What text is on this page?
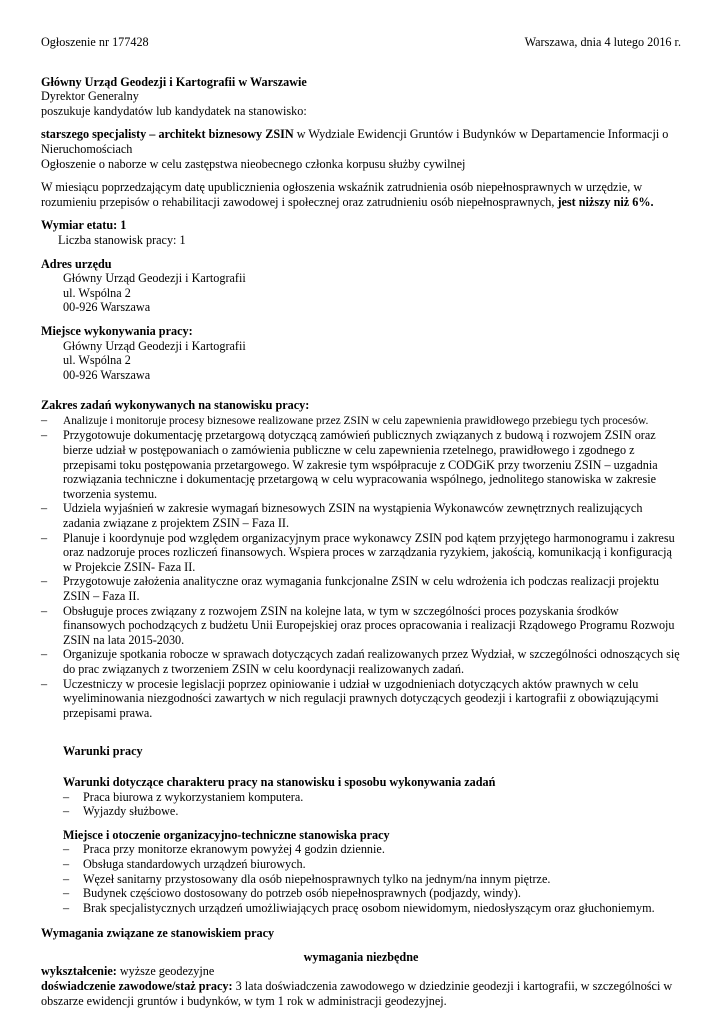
Ogłoszenie nr 177428	Warszawa, dnia 4 lutego 2016 r.

Główny Urząd Geodezji i Kartografii w Warszawie

Dyrektor Generalny

poszukuje kandydatów lub kandydatek na stanowisko:

starszego specjalisty – architekt biznesowy ZSIN w Wydziale Ewidencji Gruntów i Budynków w Departamencie Informacji o Nieruchomościach

Ogłoszenie o naborze w celu zastępstwa nieobecnego członka korpusu służby cywilnej

W miesiącu poprzedzającym datę upublicznienia ogłoszenia wskaźnik zatrudnienia osób niepełnosprawnych w urzędzie, w rozumieniu przepisów o rehabilitacji zawodowej i społecznej oraz zatrudnieniu osób niepełnosprawnych, jest niższy niż 6%.

Wymiar etatu: 1

Liczba stanowisk pracy: 1

Adres urzędu

Główny Urząd Geodezji i Kartografii

ul. Wspólna 2

00-926 Warszawa

Miejsce wykonywania pracy:

Główny Urząd Geodezji i Kartografii

ul. Wspólna 2

00-926 Warszawa

Zakres zadań wykonywanych na stanowisku pracy:

– Analizuje i monitoruje procesy biznesowe realizowane przez ZSIN w celu zapewnienia prawidłowego przebiegu tych procesów.
– Przygotowuje dokumentację przetargową dotyczącą zamówień publicznych związanych z budową i rozwojem ZSIN oraz bierze udział w postępowaniach o zamówienia publiczne w celu zapewnienia rzetelnego, prawidłowego i zgodnego z przepisami toku postępowania przetargowego. W zakresie tym współpracuje z CODGiK przy tworzeniu ZSIN – uzgadnia rozwiązania techniczne i dokumentację przetargową w celu wypracowania wspólnego, jednolitego stanowiska w zakresie tworzenia systemu.
– Udziela wyjaśnień w zakresie wymagań biznesowych ZSIN na wystąpienia Wykonawców zewnętrznych realizujących zadania związane z projektem ZSIN – Faza II.
– Planuje i koordynuje pod względem organizacyjnym prace wykonawcy ZSIN pod kątem przyjętego harmonogramu i zakresu oraz nadzoruje proces rozliczeń finansowych. Wspiera proces w zarządzania ryzykiem, jakością, komunikacją i konfiguracją w Projekcie ZSIN- Faza II.
– Przygotowuje założenia analityczne oraz wymagania funkcjonalne ZSIN w celu wdrożenia ich podczas realizacji projektu ZSIN – Faza II.
– Obsługuje proces związany z rozwojem ZSIN na kolejne lata, w tym w szczególności proces pozyskania środków finansowych pochodzących z budżetu Unii Europejskiej oraz proces opracowania i realizacji Rządowego Programu Rozwoju ZSIN na lata 2015-2030.
– Organizuje spotkania robocze w sprawach dotyczących zadań realizowanych przez Wydział, w szczególności odnoszących się do prac związanych z tworzeniem ZSIN w celu koordynacji realizowanych zadań.
– Uczestniczy w procesie legislacji poprzez opiniowanie i udział w uzgodnieniach dotyczących aktów prawnych w celu wyeliminowania niezgodności zawartych w nich regulacji prawnych dotyczących geodezji i kartografii z obowiązującymi przepisami prawa.

Warunki pracy

Warunki dotyczące charakteru pracy na stanowisku i sposobu wykonywania zadań

– Praca biurowa z wykorzystaniem komputera.
– Wyjazdy służbowe.

Miejsce i otoczenie organizacyjno-techniczne stanowiska pracy

– Praca przy monitorze ekranowym powyżej 4 godzin dziennie.
– Obsługa standardowych urządzeń biurowych.
– Węzeł sanitarny przystosowany dla osób niepełnosprawnych tylko na jednym/na innym piętrze.
– Budynek częściowo dostosowany do potrzeb osób niepełnosprawnych (podjazdy, windy).
– Brak specjalistycznych urządzeń umożliwiających pracę osobom niewidomym, niedosłyszącym oraz głuchoniemym.

Wymagania związane ze stanowiskiem pracy

wymagania niezbędne

wykształcenie: wyższe geodezyjne

doświadczenie zawodowe/staż pracy: 3 lata doświadczenia zawodowego w dziedzinie geodezji i kartografii, w szczególności w obszarze ewidencji gruntów i budynków, w tym 1 rok w administracji geodezyjnej.
